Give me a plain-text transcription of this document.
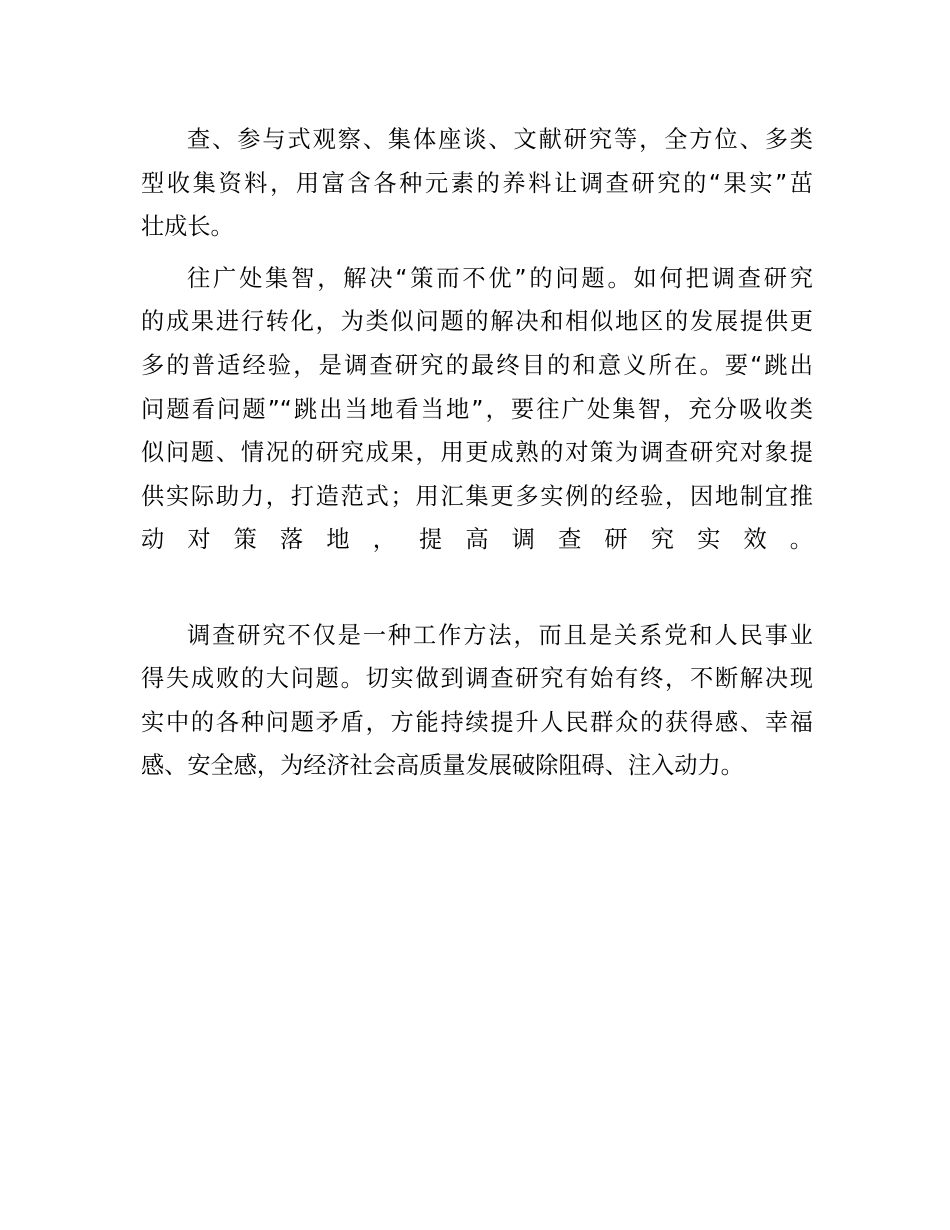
查、参与式观察、集体座谈、文献研究等，全方位、多类
型收集资料，用富含各种元素的养料让调查研究的“果实”茁
壮成长。
往广处集智，解决“策而不优”的问题。如何把调查研究
的成果进行转化，为类似问题的解决和相似地区的发展提供更
多的普适经验，是调查研究的最终目的和意义所在。要“跳出
问题看问题”“跳出当地看当地”，要往广处集智，充分吸收类
似问题、情况的研究成果，用更成熟的对策为调查研究对象提
供实际助力，打造范式；用汇集更多实例的经验，因地制宜推
动对策落地，提高调查研究实效。
调查研究不仅是一种工作方法，而且是关系党和人民事业
得失成败的大问题。切实做到调查研究有始有终，不断解决现
实中的各种问题矛盾，方能持续提升人民群众的获得感、幸福
感、安全感，为经济社会高质量发展破除阻碍、注入动力。
